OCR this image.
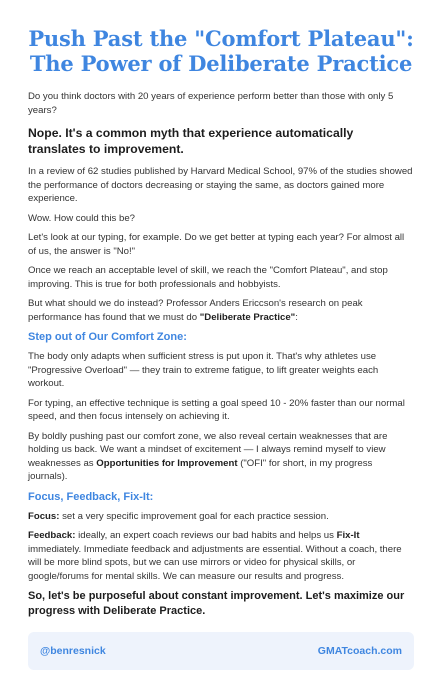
Push Past the "Comfort Plateau":
The Power of Deliberate Practice

Do you think doctors with 20 years of experience perform better than those with only 5 years?

Nope. It's a common myth that experience automatically translates to improvement.

In a review of 62 studies published by Harvard Medical School, 97% of the studies showed the performance of doctors decreasing or staying the same, as doctors gained more experience.

Wow. How could this be?

Let's look at our typing, for example. Do we get better at typing each year? For almost all of us, the answer is "No!"

Once we reach an acceptable level of skill, we reach the "Comfort Plateau", and stop improving. This is true for both professionals and hobbyists.

But what should we do instead? Professor Anders Ericcson's research on peak performance has found that we must do "Deliberate Practice":

Step out of Our Comfort Zone:

The body only adapts when sufficient stress is put upon it. That's why athletes use "Progressive Overload" — they train to extreme fatigue, to lift greater weights each workout.

For typing, an effective technique is setting a goal speed 10 - 20% faster than our normal speed, and then focus intensely on achieving it.

By boldly pushing past our comfort zone, we also reveal certain weaknesses that are holding us back. We want a mindset of excitement — I always remind myself to view weaknesses as Opportunities for Improvement ("OFI" for short, in my progress journals).

Focus, Feedback, Fix-It:

Focus: set a very specific improvement goal for each practice session.

Feedback: ideally, an expert coach reviews our bad habits and helps us Fix-It immediately. Immediate feedback and adjustments are essential. Without a coach, there will be more blind spots, but we can use mirrors or video for physical skills, or google/forums for mental skills. We can measure our results and progress.

So, let's be purposeful about constant improvement. Let's maximize our progress with Deliberate Practice.
@benresnick	GMATcoach.com
